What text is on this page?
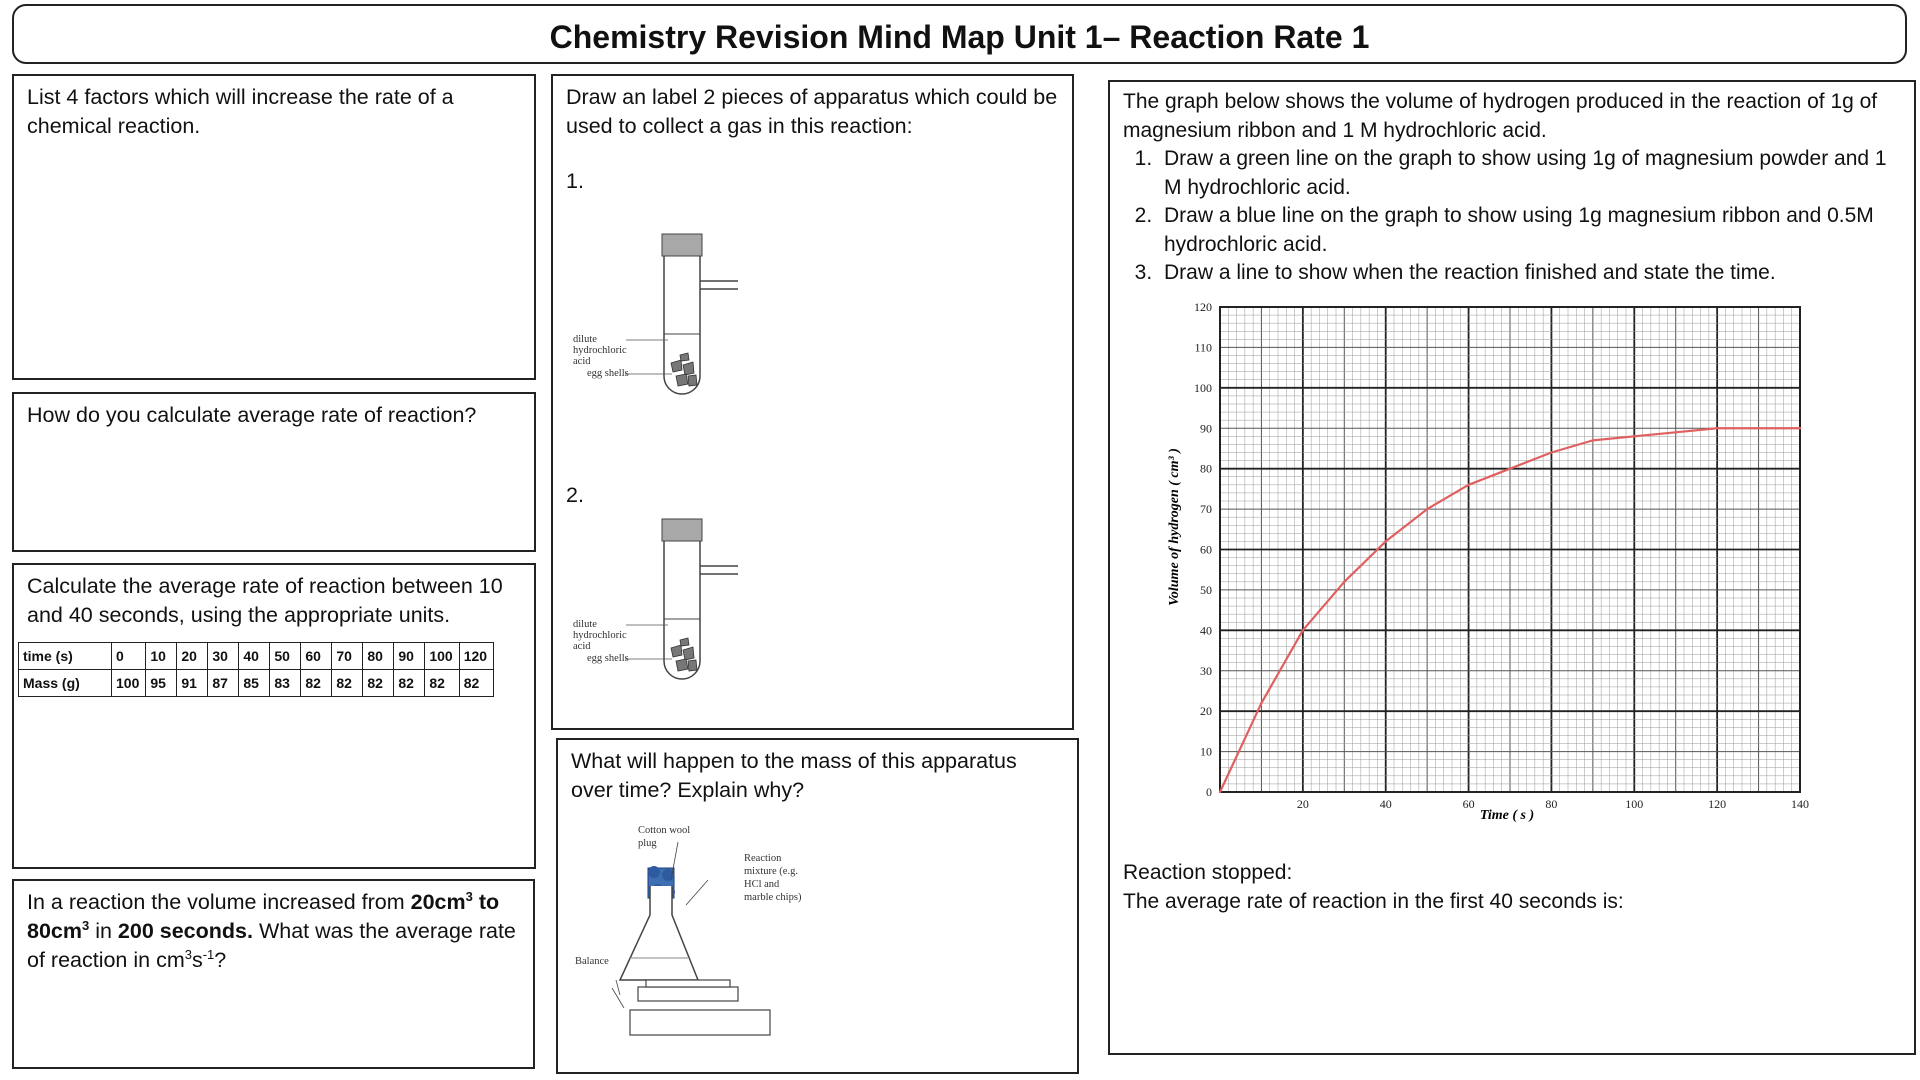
Chemistry Revision Mind Map Unit 1– Reaction Rate 1

List 4 factors which will increase the rate of a chemical reaction.

How do you calculate average rate of reaction?

Calculate the average rate of reaction between 10 and 40 seconds, using the appropriate units.

time (s)	0	10	20	30	40	50	60	70	80	90	100	120
Mass (g)	100	95	91	87	85	83	82	82	82	82	82	82

In a reaction the volume increased from $20cm^3$ to $80cm^3$ in 200 seconds. What was the average rate of reaction in $cm^3s^{-1}$?

Draw an label 2 pieces of apparatus which could be used to collect a gas in this reaction:

1.
2.
dilute
hydrochloric
acid
egg shells
dilute
hydrochloric
acid
egg shells

What will happen to the mass of this apparatus over time? Explain why?

Cotton wool
plug
Reaction
mixture (e.g.
HCl and
marble chips)
Balance

The graph below shows the volume of hydrogen produced in the reaction of 1g of magnesium ribbon and 1 M hydrochloric acid.

1. Draw a green line on the graph to show using 1g of magnesium powder and 1 M hydrochloric acid.
2. Draw a blue line on the graph to show using 1g magnesium ribbon and 0.5M hydrochloric acid.
3. Draw a line to show when the reaction finished and state the time.
0
10
20
30
40
50
60
70
80
90
100
110
120
20	40	60	80	100	120	140
Volume of hydrogen ( cm³ )
Time ( s )
Reaction stopped:
The average rate of reaction in the first 40 seconds is:
